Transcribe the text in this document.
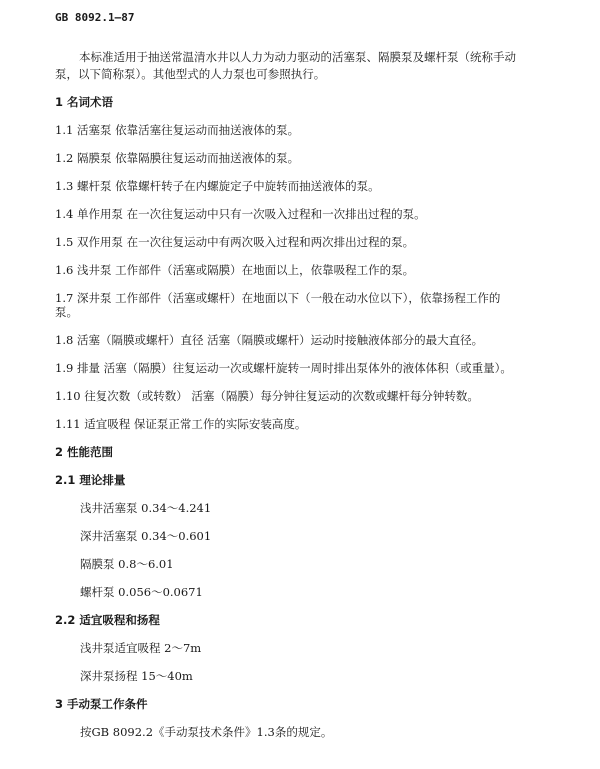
GB 8092.1—87
本标准适用于抽送常温清水井以人力为动力驱动的活塞泵、隔膜泵及螺杆泵（统称手动
泵，以下简称泵）。其他型式的人力泵也可参照执行。
1 名词术语
1.1 活塞泵 依靠活塞往复运动而抽送液体的泵。
1.2 隔膜泵 依靠隔膜往复运动而抽送液体的泵。
1.3 螺杆泵 依靠螺杆转子在内螺旋定子中旋转而抽送液体的泵。
1.4 单作用泵 在一次往复运动中只有一次吸入过程和一次排出过程的泵。
1.5 双作用泵 在一次往复运动中有两次吸入过程和两次排出过程的泵。
1.6 浅井泵 工作部件（活塞或隔膜）在地面以上，依靠吸程工作的泵。
1.7 深井泵 工作部件（活塞或螺杆）在地面以下（一般在动水位以下），依靠扬程工作的
泵。
1.8 活塞（隔膜或螺杆）直径 活塞（隔膜或螺杆）运动时接触液体部分的最大直径。
1.9 排量 活塞（隔膜）往复运动一次或螺杆旋转一周时排出泵体外的液体体积（或重量）。
1.10 往复次数（或转数） 活塞（隔膜）每分钟往复运动的次数或螺杆每分钟转数。
1.11 适宜吸程 保证泵正常工作的实际安装高度。
2 性能范围
2.1 理论排量
浅井活塞泵 0.34～4.241
深井活塞泵 0.34～0.601
隔膜泵 0.8～6.01
螺杆泵 0.056～0.0671
2.2 适宜吸程和扬程
浅井泵适宜吸程 2～7m
深井泵扬程 15～40m
3 手动泵工作条件
按GB 8092.2《手动泵技术条件》1.3条的规定。
